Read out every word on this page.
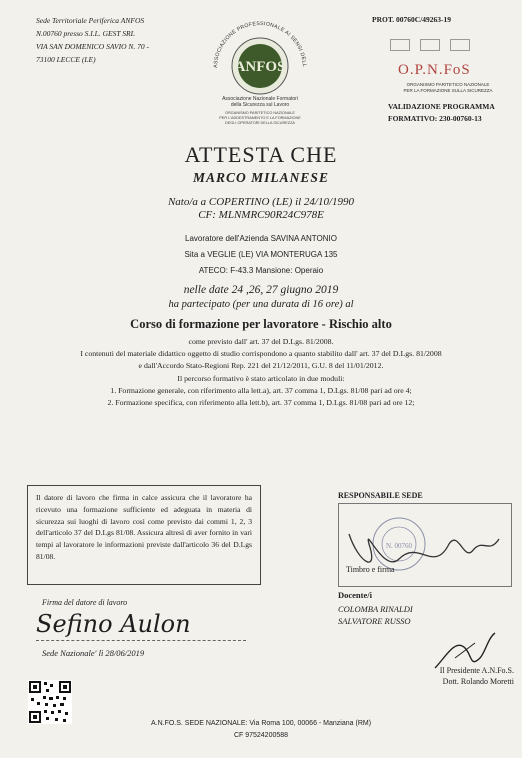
Sede Territoriale Periferica ANFOS
N.00760 presso S.I.L. GEST SRL
VIA SAN DOMENICO SAVIO N. 70 -
73100 LECCE (LE)
ASSOCIAZIONE PROFESSIONALE AI SENSI DELL
ANFOS
Associazione Nazionale Formatori
della Sicurezza sul Lavoro
ORGANISMO PARITETICO NAZIONALE
PER L'ADDESTRAMENTO E LA FORMAZIONE
DEGLI OPERATORI DELLA SICUREZZA
PROT. 00760C/49263-19

O.P.N.FoS
ORGANISMO PARITETICO NAZIONALE
PER LA FORMAZIONE SULLA SICUREZZA
VALIDAZIONE PROGRAMMA
FORMATIVO: 230-00760-13
ATTESTA CHE
MARCO MILANESE
Nato/a a COPERTINO (LE) il 24/10/1990
CF: MLNMRC90R24C978E
Lavoratore dell'Azienda SAVINA ANTONIO
Sita a VEGLIE (LE) VIA MONTERUGA 135
ATECO: F-43.3 Mansione: Operaio
nelle date 24 ,26, 27 giugno 2019
ha partecipato (per una durata di 16 ore) al
Corso di formazione per lavoratore - Rischio alto
come previsto dall' art. 37 del D.Lgs. 81/2008.
I contenuti del materiale didattico oggetto di studio corrispondono a quanto stabilito dall' art. 37 del D.Lgs. 81/2008
e dall'Accordo Stato-Regioni Rep. 221 del 21/12/2011, G.U. 8 del 11/01/2012.
Il percorso formativo è stato articolato in due moduli:
1. Formazione generale, con riferimento alla lett.a), art. 37 comma 1, D.Lgs. 81/08 pari ad ore 4;
2. Formazione specifica, con riferimento alla lett.b), art. 37 comma 1, D.Lgs. 81/08 pari ad ore 12;
Il datore di lavoro che firma in calce assicura che il lavoratore ha ricevuto una formazione sufficiente ed adeguata in materia di sicurezza sui luoghi di lavoro così come previsto dai commi 1, 2, 3 dell'articolo 37 del D.Lgs 81/08. Assicura altresì di aver fornito in vari tempi al lavoratore le informazioni previste dall'articolo 36 del D.Lgs 81/08.
RESPONSABILE SEDE
N. 00760
Timbro e firma
Docente/i
COLOMBA RINALDI
SALVATORE RUSSO
Firma del datore di lavoro
Sefino Aulon
Sede Nazionale' lì 28/06/2019
Il Presidente A.N.Fo.S.
Dott. Rolando Moretti
A.N.FO.S. SEDE NAZIONALE: Via Roma 100, 00066 - Manziana (RM)
CF 97524200588
